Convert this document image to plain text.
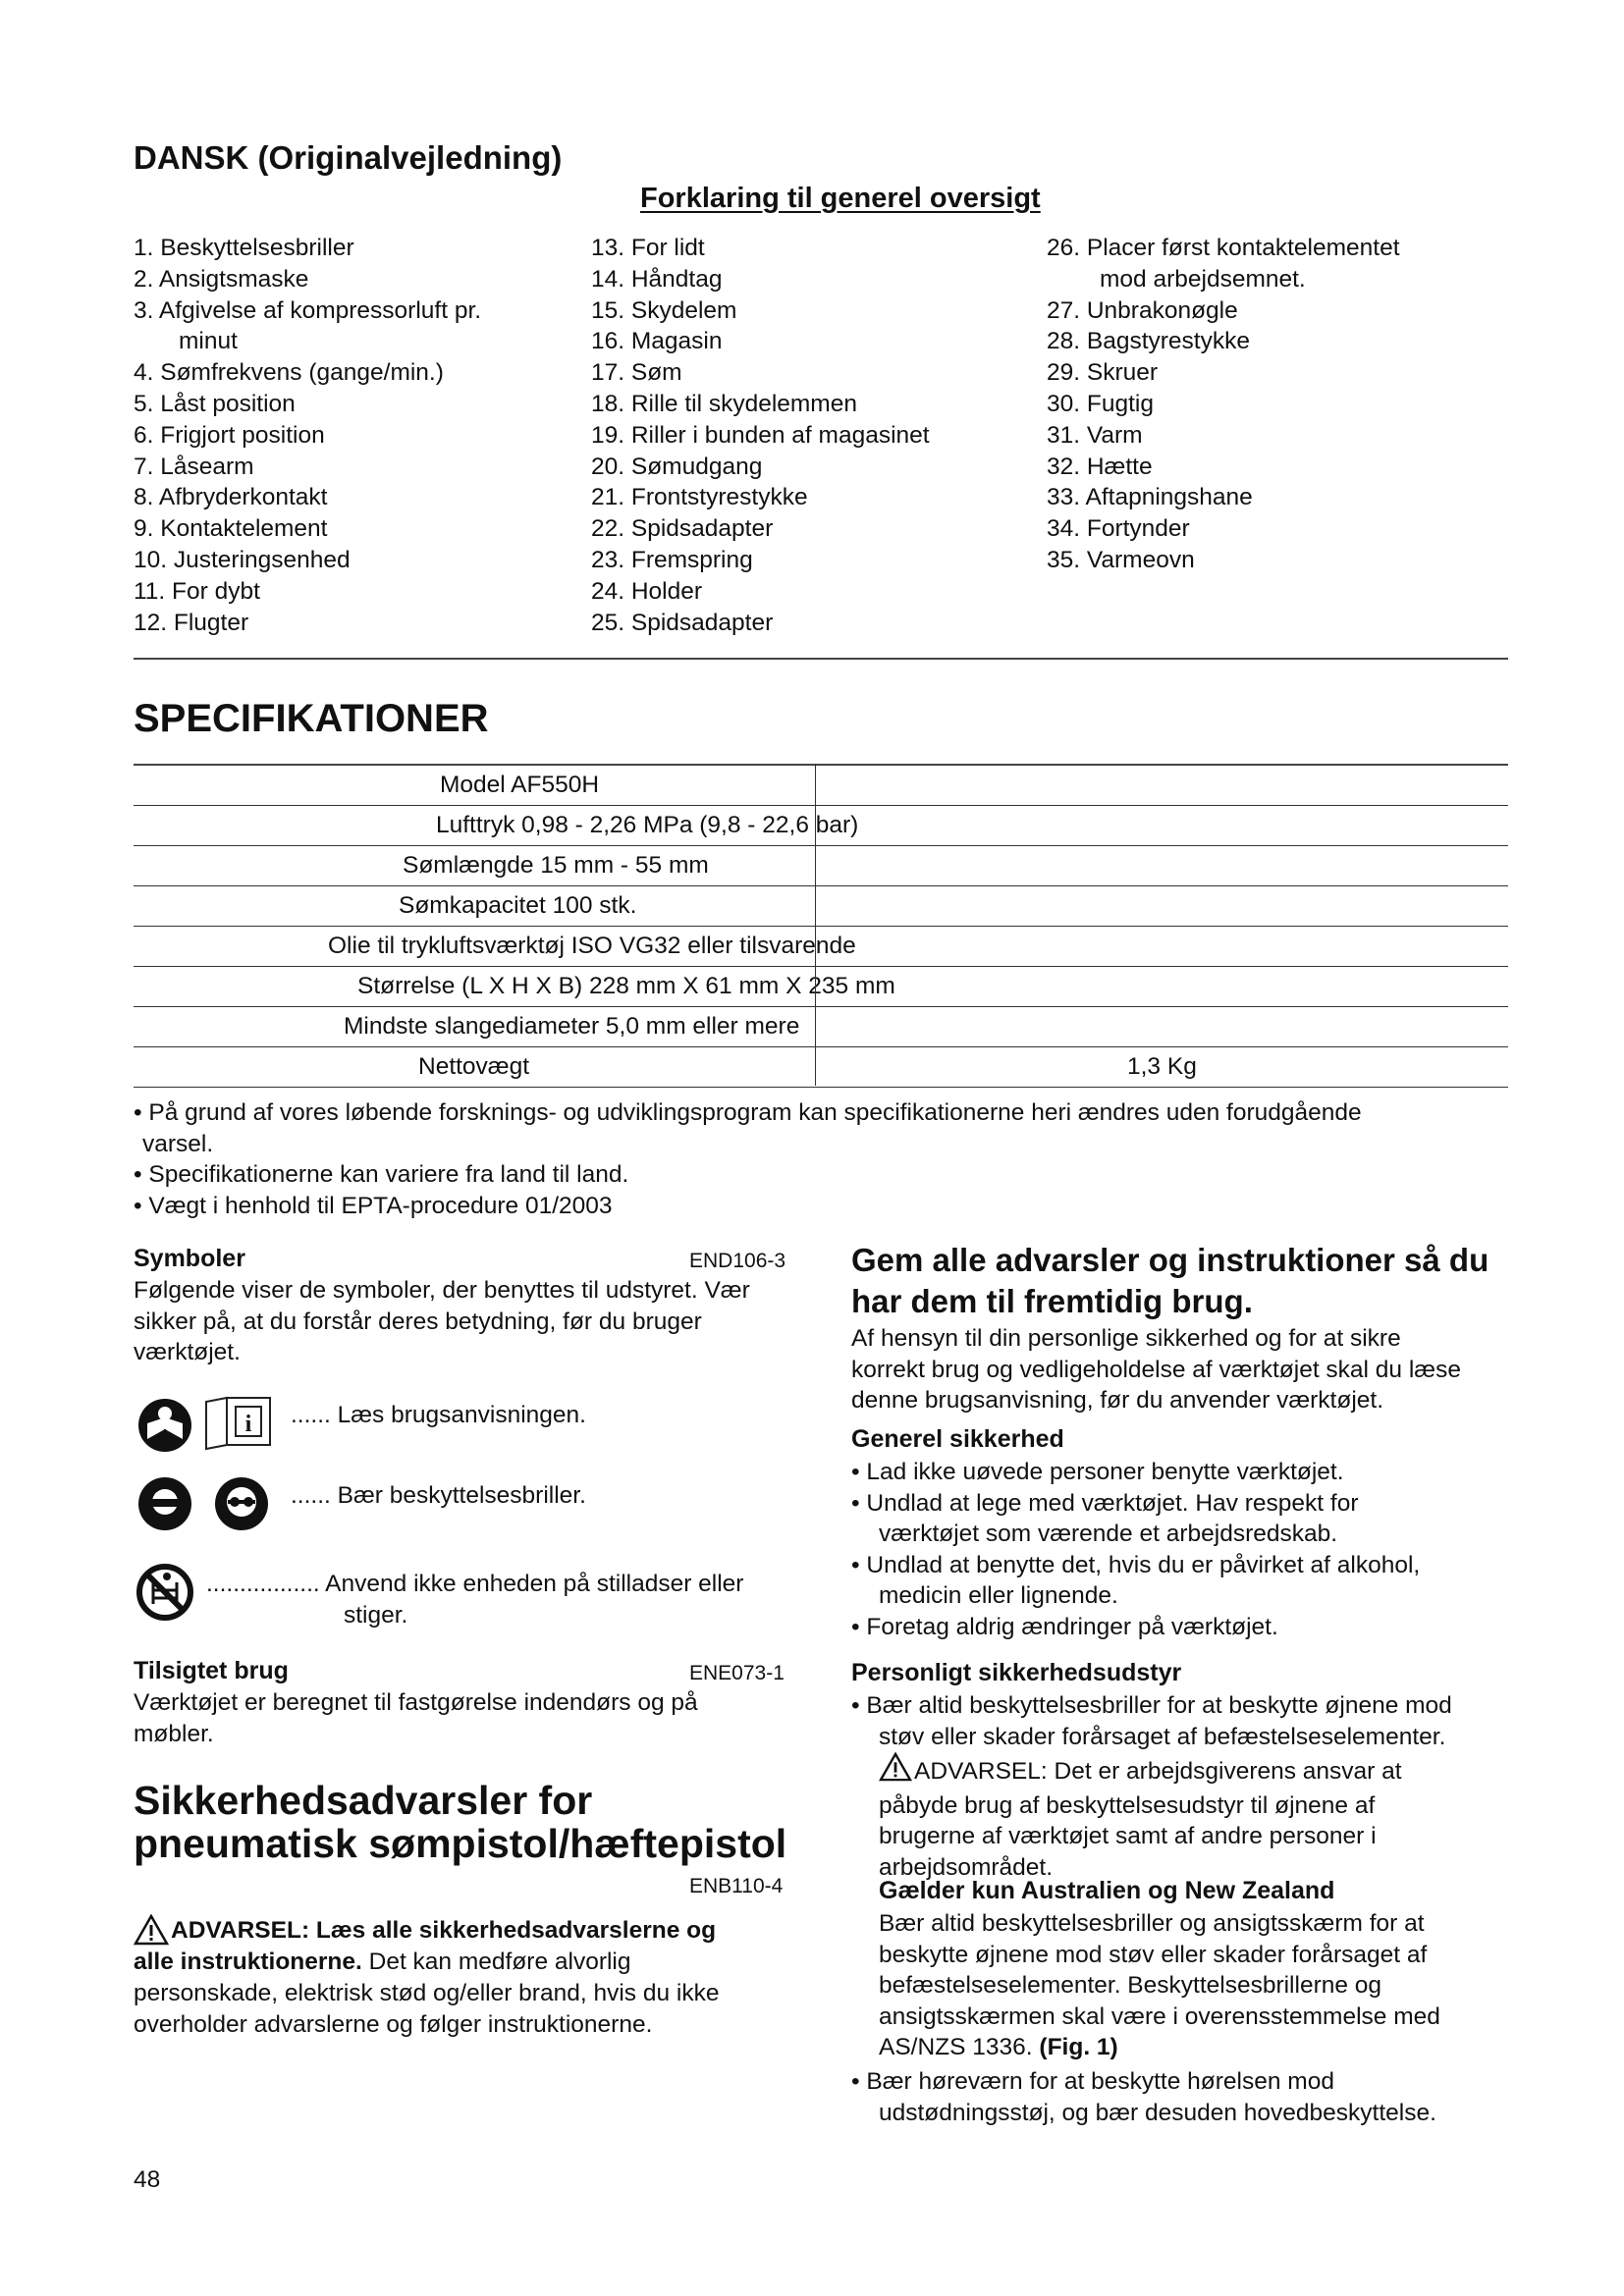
DANSK (Originalvejledning)
Forklaring til generel oversigt
1. Beskyttelsesbriller
2. Ansigtsmaske
3. Afgivelse af kompressorluft pr.
minut
4. Sømfrekvens (gange/min.)
5. Låst position
6. Frigjort position
7. Låsearm
8. Afbryderkontakt
9. Kontaktelement
10. Justeringsenhed
11. For dybt
12. Flugter
13. For lidt
14. Håndtag
15. Skydelem
16. Magasin
17. Søm
18. Rille til skydelemmen
19. Riller i bunden af magasinet
20. Sømudgang
21. Frontstyrestykke
22. Spidsadapter
23. Fremspring
24. Holder
25. Spidsadapter
26. Placer først kontaktelementet
mod arbejdsemnet.
27. Unbrakonøgle
28. Bagstyrestykke
29. Skruer
30. Fugtig
31. Varm
32. Hætte
33. Aftapningshane
34. Fortynder
35. Varmeovn
SPECIFIKATIONER
Model AF550H
Lufttryk 0,98 - 2,26 MPa (9,8 - 22,6 bar)
Sømlængde 15 mm - 55 mm
Sømkapacitet 100 stk.
Olie til trykluftsværktøj ISO VG32 eller tilsvarende
Størrelse (L X H X B) 228 mm X 61 mm X 235 mm
Mindste slangediameter 5,0 mm eller mere
Nettovægt	1,3 Kg
• På grund af vores løbende forsknings- og udviklingsprogram kan specifikationerne heri ændres uden forudgående
varsel.
• Specifikationerne kan variere fra land til land.
• Vægt i henhold til EPTA-procedure 01/2003
Symboler	END106-3
Følgende viser de symboler, der benyttes til udstyret. Vær
sikker på, at du forstår deres betydning, før du bruger
værktøjet.
i ...... Læs brugsanvisningen.
...... Bær beskyttelsesbriller.
................. Anvend ikke enheden på stilladser eller
stiger.
Tilsigtet brug	ENE073-1
Værktøjet er beregnet til fastgørelse indendørs og på
møbler.
Sikkerhedsadvarsler for
pneumatisk sømpistol/hæftepistol
ENB110-4
ADVARSEL: Læs alle sikkerhedsadvarslerne og
alle instruktionerne. Det kan medføre alvorlig
personskade, elektrisk stød og/eller brand, hvis du ikke
overholder advarslerne og følger instruktionerne.
Gem alle advarsler og instruktioner så du
har dem til fremtidig brug.
Af hensyn til din personlige sikkerhed og for at sikre
korrekt brug og vedligeholdelse af værktøjet skal du læse
denne brugsanvisning, før du anvender værktøjet.
Generel sikkerhed
• Lad ikke uøvede personer benytte værktøjet.
• Undlad at lege med værktøjet. Hav respekt for
værktøjet som værende et arbejdsredskab.
• Undlad at benytte det, hvis du er påvirket af alkohol,
medicin eller lignende.
• Foretag aldrig ændringer på værktøjet.
Personligt sikkerhedsudstyr
• Bær altid beskyttelsesbriller for at beskytte øjnene mod
støv eller skader forårsaget af befæstelseselementer.
ADVARSEL: Det er arbejdsgiverens ansvar at
påbyde brug af beskyttelsesudstyr til øjnene af
brugerne af værktøjet samt af andre personer i
arbejdsområdet.
Gælder kun Australien og New Zealand
Bær altid beskyttelsesbriller og ansigtsskærm for at
beskytte øjnene mod støv eller skader forårsaget af
befæstelseselementer. Beskyttelsesbrillerne og
ansigtsskærmen skal være i overensstemmelse med
AS/NZS 1336. (Fig. 1)
• Bær høreværn for at beskytte hørelsen mod
udstødningsstøj, og bær desuden hovedbeskyttelse.
48
